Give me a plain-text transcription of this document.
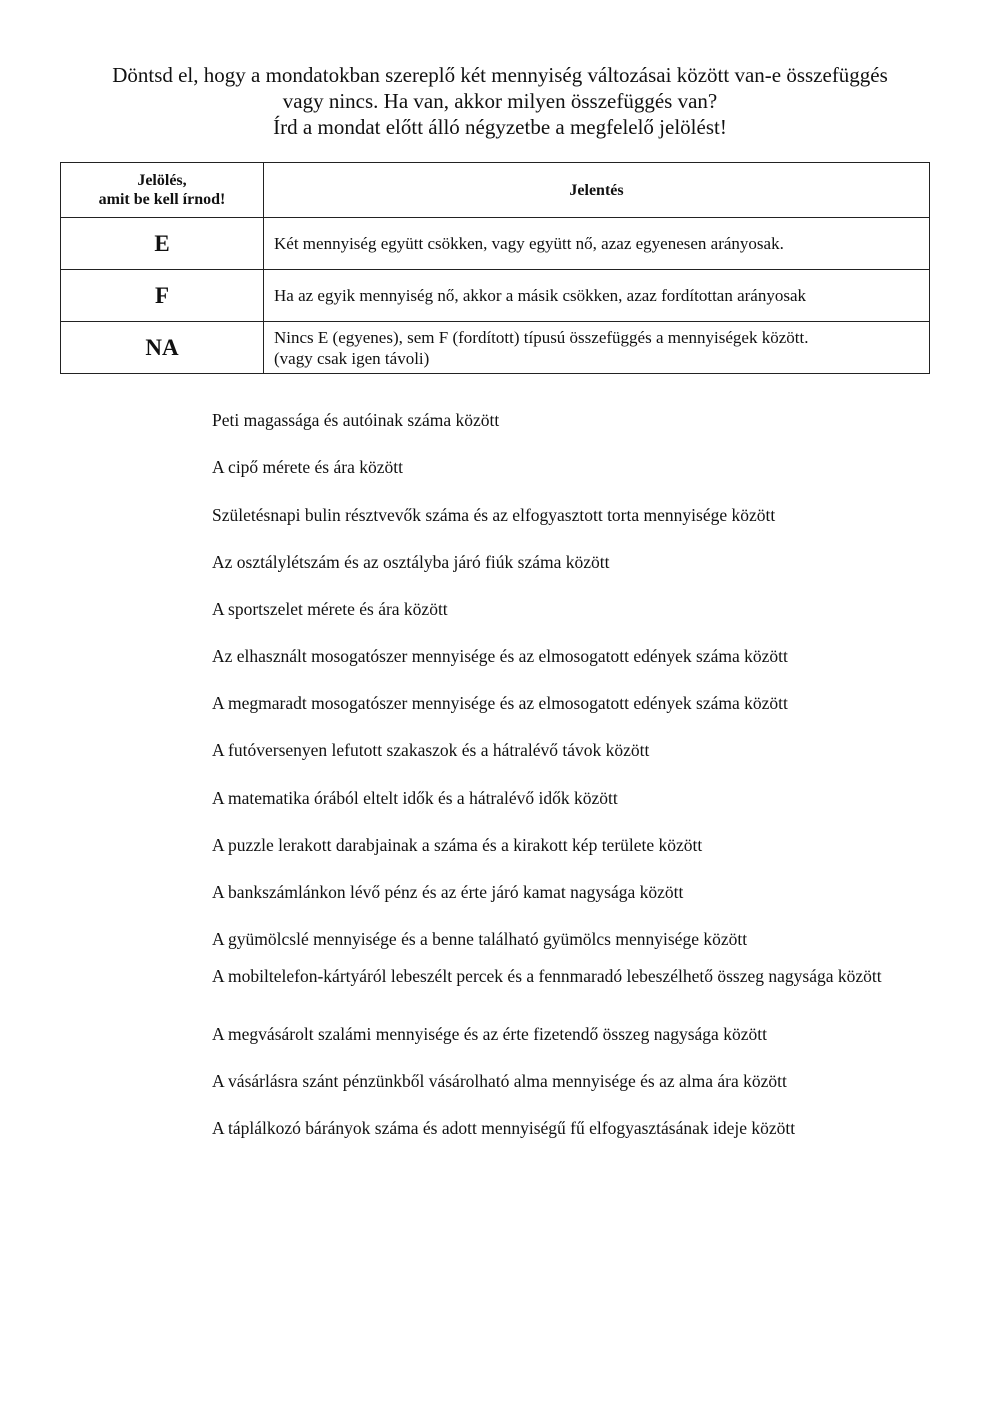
Döntsd el, hogy a mondatokban szereplő két mennyiség változásai között van-e összefüggés
vagy nincs. Ha van, akkor milyen összefüggés van?
Írd a mondat előtt álló négyzetbe a megfelelő jelölést!
Jelölés,
amit be kell írnod!	Jelentés
E	Két mennyiség együtt csökken, vagy együtt nő, azaz egyenesen arányosak.
F	Ha az egyik mennyiség nő, akkor a másik csökken, azaz fordítottan arányosak
NA	Nincs E (egyenes), sem F (fordított) típusú összefüggés a mennyiségek között.
(vagy csak igen távoli)
Peti magassága és autóinak száma között
A cipő mérete és ára között
Születésnapi bulin résztvevők száma és az elfogyasztott torta mennyisége között
Az osztálylétszám és az osztályba járó fiúk száma között
A sportszelet mérete és ára között
Az elhasznált mosogatószer mennyisége és az elmosogatott edények száma között
A megmaradt mosogatószer mennyisége és az elmosogatott edények száma között
A futóversenyen lefutott szakaszok és a hátralévő távok között
A matematika órából eltelt idők és a hátralévő idők között
A puzzle lerakott darabjainak a száma és a kirakott kép területe között
A bankszámlánkon lévő pénz és az érte járó kamat nagysága között
A gyümölcslé mennyisége és a benne található gyümölcs mennyisége között
A mobiltelefon-kártyáról lebeszélt percek és a fennmaradó lebeszélhető összeg nagysága között
A megvásárolt szalámi mennyisége és az érte fizetendő összeg nagysága között
A vásárlásra szánt pénzünkből vásárolható alma mennyisége és az alma ára között
A táplálkozó bárányok száma és adott mennyiségű fű elfogyasztásának ideje között
